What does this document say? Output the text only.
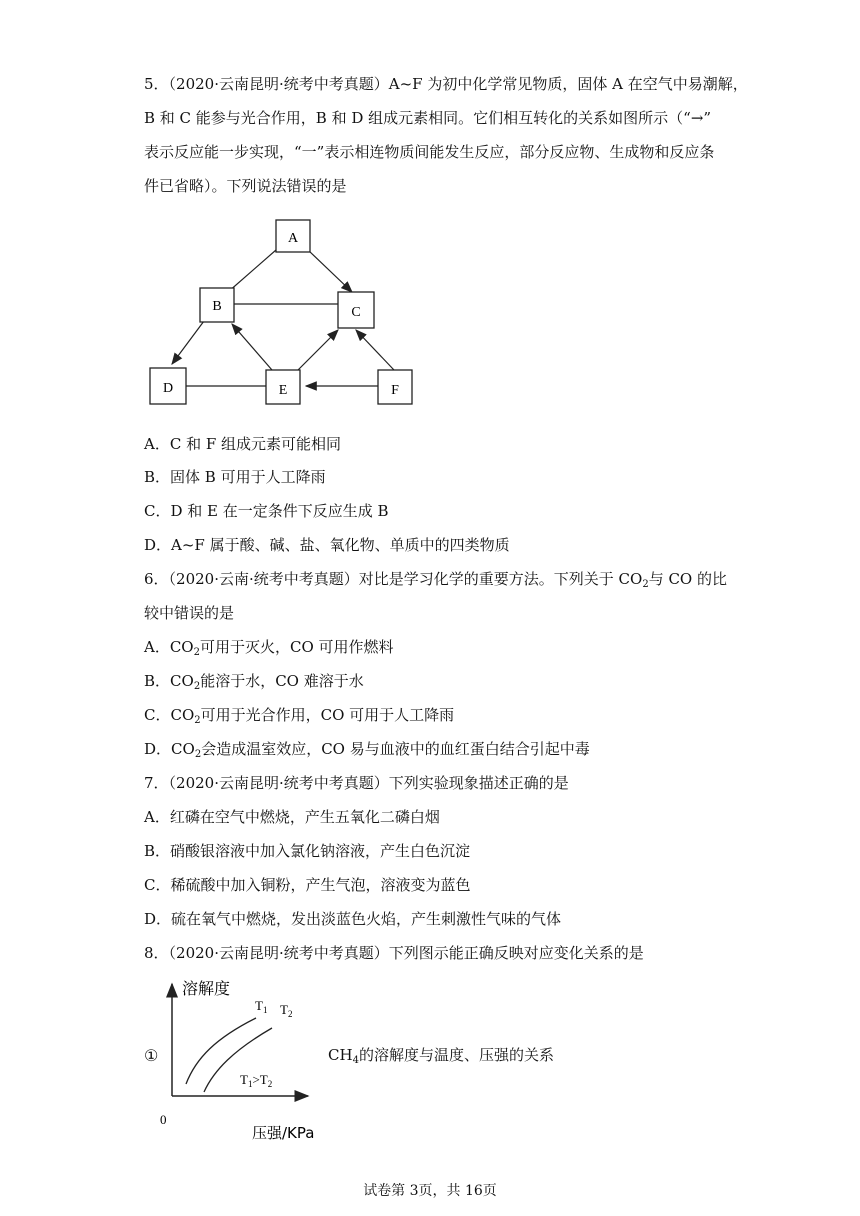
5．（2020·云南昆明·统考中考真题）A~F 为初中化学常见物质，固体 A 在空气中易潮解，
B 和 C 能参与光合作用，B 和 D 组成元素相同。它们相互转化的关系如图所示（“→”
表示反应能一步实现，“一”表示相连物质间能发生反应，部分反应物、生成物和反应条
件已省略）。下列说法错误的是
A
B	C
D	E	F
A．C 和 F 组成元素可能相同
B．固体 B 可用于人工降雨
C．D 和 E 在一定条件下反应生成 B
D．A~F 属于酸、碱、盐、氧化物、单质中的四类物质
6．（2020·云南·统考中考真题）对比是学习化学的重要方法。下列关于 $CO_2$与 CO 的比
较中错误的是
A．$CO_2$可用于灭火，CO 可用作燃料
B．$CO_2$能溶于水，CO 难溶于水
C．$CO_2$可用于光合作用，CO 可用于人工降雨
D．$CO_2$会造成温室效应，CO 易与血液中的血红蛋白结合引起中毒
7．（2020·云南昆明·统考中考真题）下列实验现象描述正确的是
A．红磷在空气中燃烧，产生五氧化二磷白烟
B．硝酸银溶液中加入氯化钠溶液，产生白色沉淀
C．稀硫酸中加入铜粉，产生气泡，溶液变为蓝色
D．硫在氧气中燃烧，发出淡蓝色火焰，产生刺激性气味的气体
8．（2020·云南昆明·统考中考真题）下列图示能正确反映对应变化关系的是
①
溶解度
压强/KPa
0
$T_1$ $T_2$
$T_1>T_2$
$CH_4$的溶解度与温度、压强的关系
试卷第 3页，共 16页
